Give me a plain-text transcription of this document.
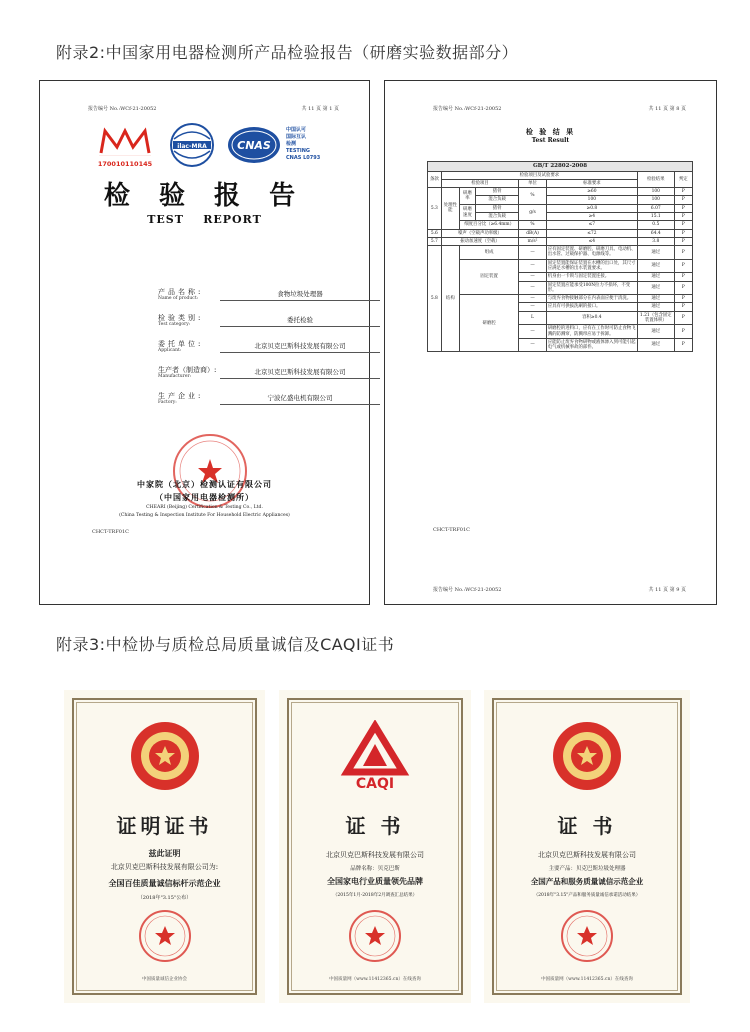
附录2:中国家用电器检测所产品检验报告（研磨实验数据部分）
报告编号 No.:WCf-21-20052	共 11 页 第 1 页
170010110145
ilac-MRA	CNAS
中国认可
国际互认
检测
TESTING
CNAS L0793
检 验 报 告
TEST    REPORT
产品名称:
Name of product:
食物垃圾处理器
检验类别:
Test category:
委托检验
委托单位:
Applicant:
北京贝克巴斯科技发展有限公司
生产者（制造商）:
Manufacturer:
北京贝克巴斯科技发展有限公司
生产企业:
Factory:
宁波亿盛电机有限公司
中家院（北京）检测认证有限公司
（中国家用电器检测所）
CHEARI (Beijing) Certification & Testing Co., Ltd.
(China Testing & Inspection Institute For Household Electric Appliances)
CHCT-TRF01C
报告编号 No.:WCf-21-20052	共 11 页 第 8 页
检 验 结 果
Test Result
GB/T 22802-2008							
条款	检验项目及试验要求					检验结果	判定
	检验项目			单位	标准要求		
5.3	处理性能	研磨率	猪骨	%	≥60	100	P
			混合负载		100	100	P
		研磨速度	猪骨	g/s	≥0.8	6.07	P
			混合负载		≥4	15.1	P
		细度百分比（≥6.4mm）		%	≤7	0.5	P
5.6	噪声（空载声功率级）			dB(A)	≤72	64.4	P
5.7	振动加速度（空载）			m/s²	≤4	3.8	P
5.8	结构	组成		—	应有固定装置、研磨腔、研磨刀具、电动机、出水管、过载保护器、电源线等。	通过	P
		固定装置		—	固定装置能保证装置在水槽的出口处，其尺寸应满足水槽的出水装置要求。	通过	P
				—	机身由一卡锁与固定装置连接。	通过	P
				—	固定装置应能承受100N拉力不损坏，不变形。	通过	P
		研磨腔		—	与废弃食物接触部分在内表面应便于清洗。	通过	P
				—	应具有可供拔洗刷的接口。	通过	P
				L	容积≥0.4	1.21（包含固定装置体积）	P
				—	研磨腔的进料口，应有在工作时可防止食物飞溅的防溅帘，防溅帘应易于拆卸。	通过	P
				—	应能防止废弃食物研物或液体渗入到可能引起电气或机械事故的部件。	通过	P
CHCT-TRF01C
报告编号 No.:WCf-21-20052	共 11 页 第 9 页
附录3:中检协与质检总局质量诚信及CAQI证书
证明证书
兹此证明
北京贝克巴斯科技发展有限公司为:
全国百佳质量诚信标杆示范企业
（2018年"3.15"公布）
中国质量诚信企业协会
CAQI
证 书
北京贝克巴斯科技发展有限公司
品牌名称：贝克巴斯
全国家电行业质量领先品牌
（2015年1月-2018年2月调查汇总结果）
中国质量网（www.11412365.cn）在线查询
证 书
北京贝克巴斯科技发展有限公司
主要产品：贝克巴斯垃圾处理器
全国产品和服务质量诚信示范企业
（2018年"3.15"产品和服务质量诚信承诺活动结果）
中国质量网（www.11412365.cn）在线查询
